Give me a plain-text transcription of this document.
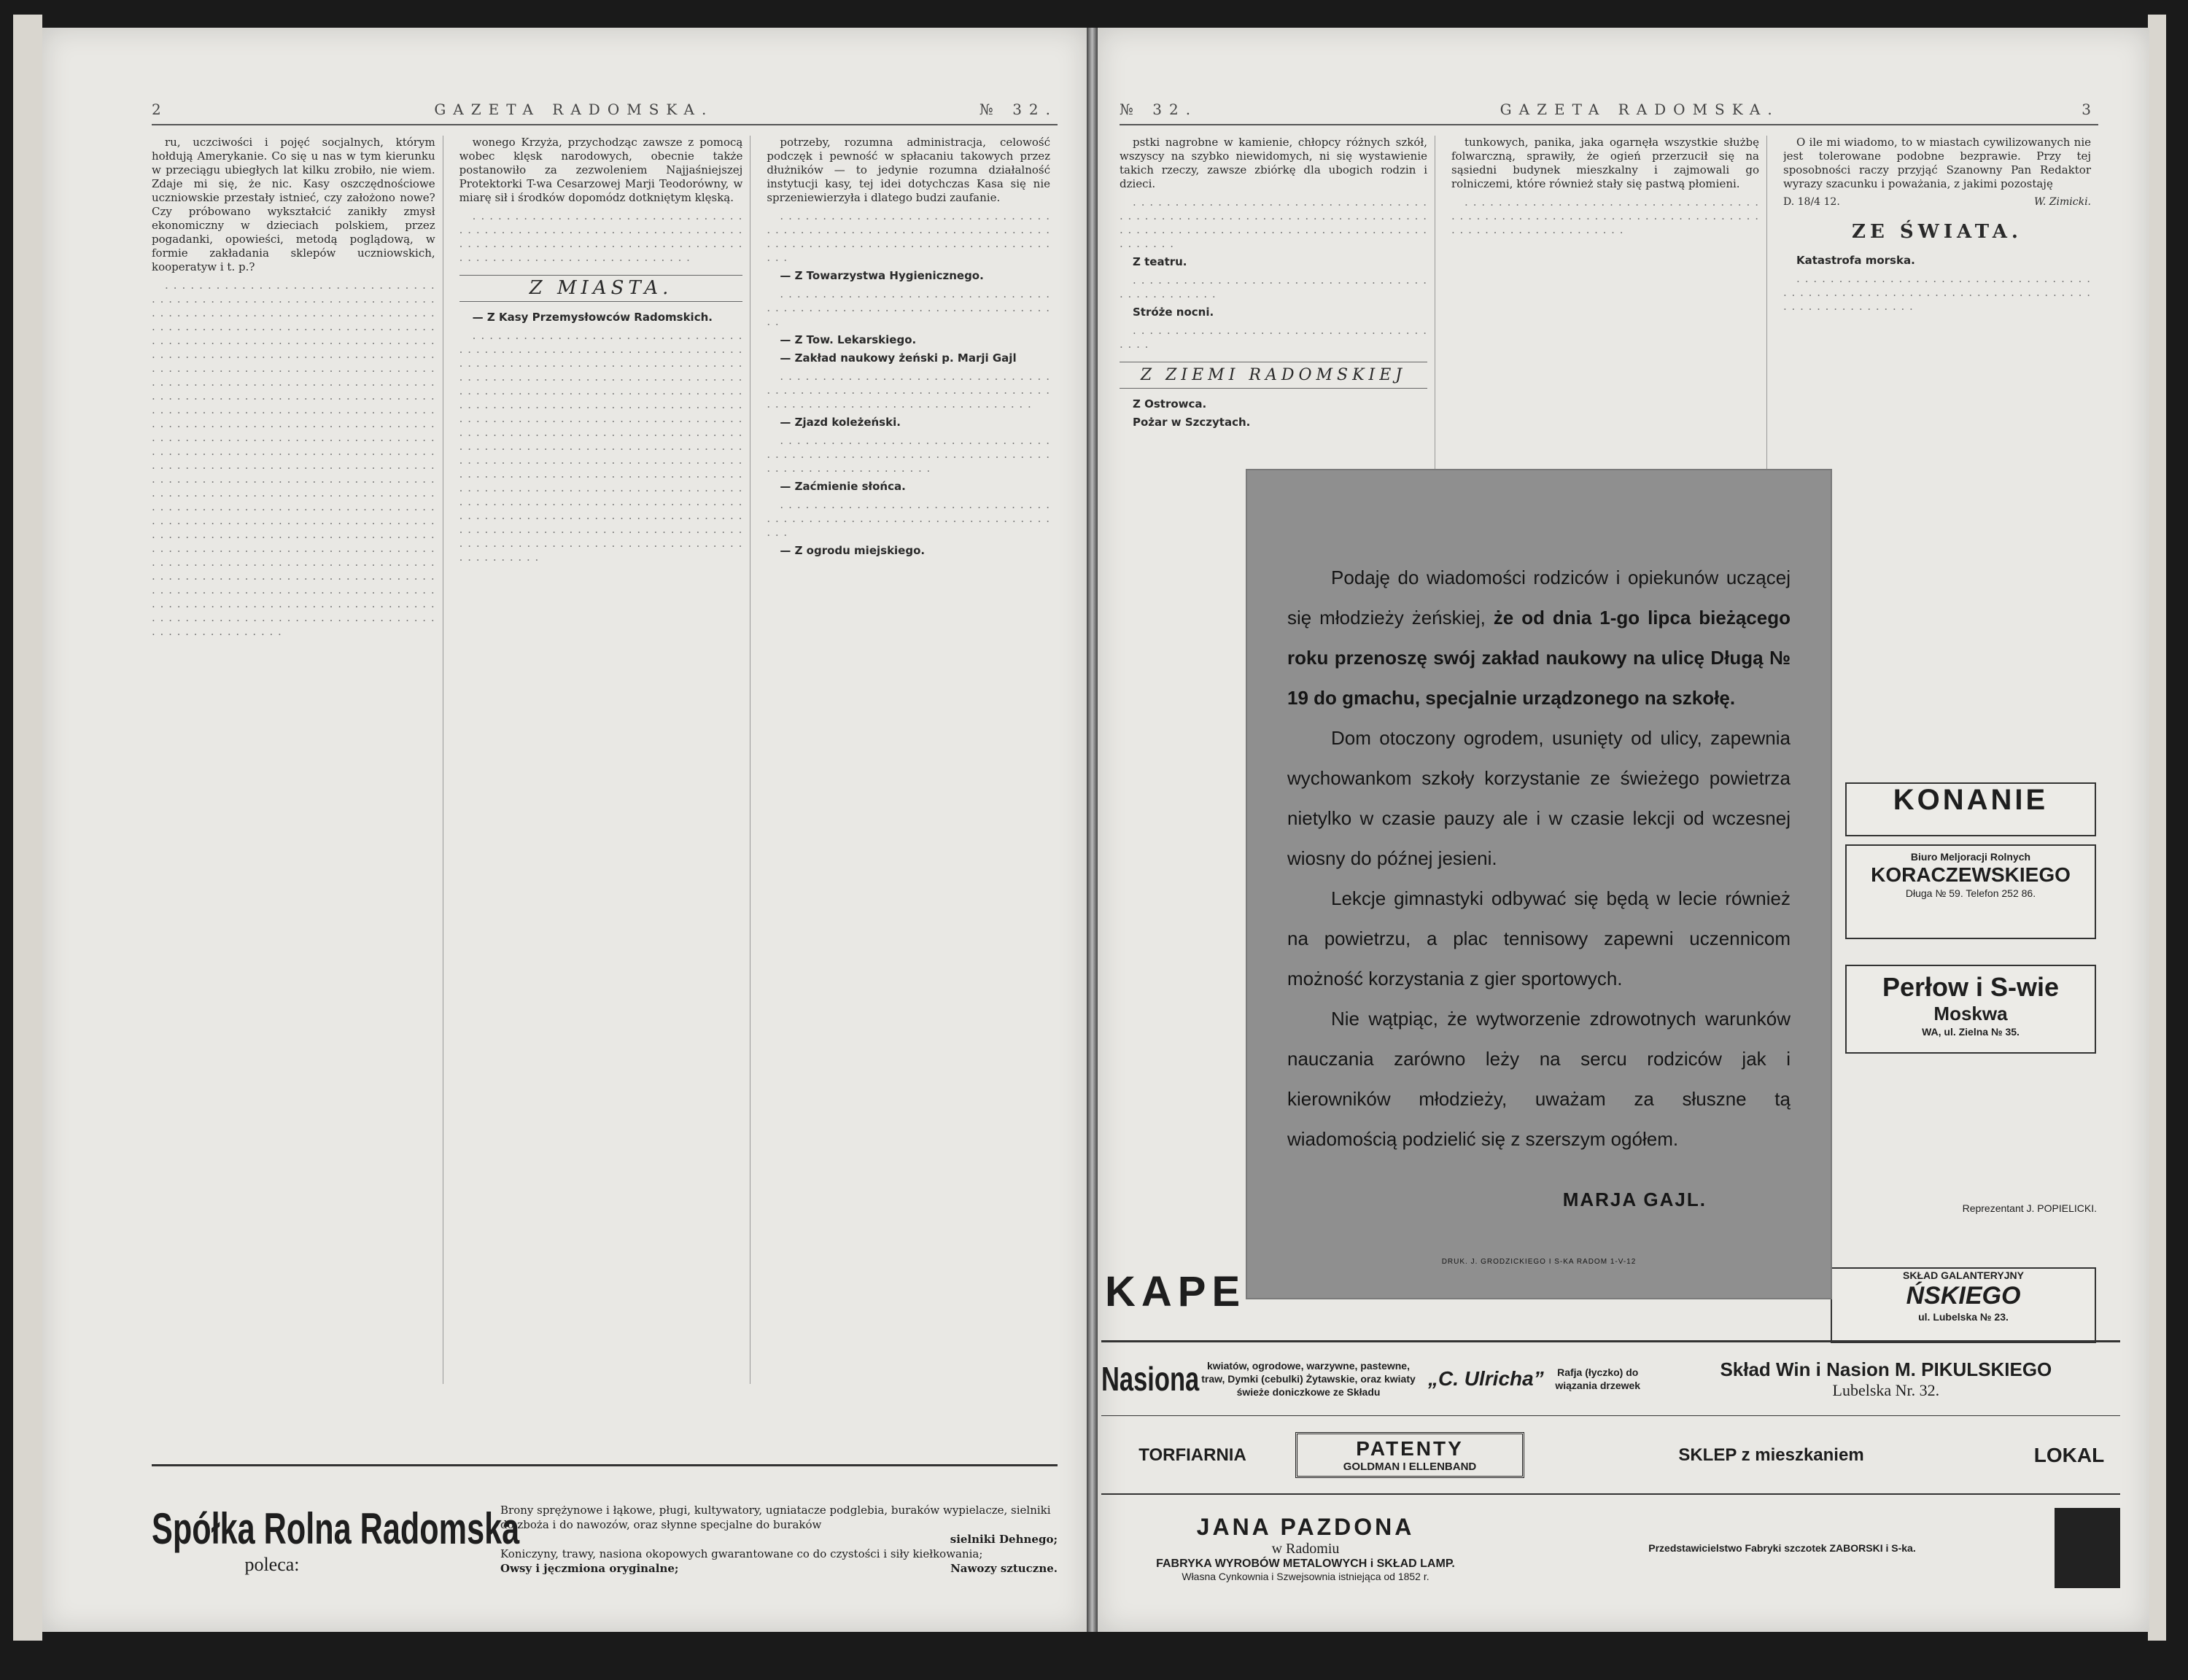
2	GAZETA RADOMSKA.	№ 32.

ru, uczciwości i pojęć socjalnych, którym hołdują Amerykanie. Co się u nas w tym kierunku w przeciągu ubiegłych lat kilku zrobiło, nie wiem. Zdaje mi się, że nic. Kasy oszczędnościowe uczniowskie przestały istnieć, czy założono nowe? Czy próbowano wykształcić zanikły zmysł ekonomiczny w dzieciach polskiem, przez pogadanki, opowieści, metodą poglądową, w formie zakładania sklepów uczniowskich, kooperatyw i t. p.?

. . . . . . . . . . . . . . . . . . . . . . . . . . . . . . . . . . . . . . . . . . . . . . . . . . . . . . . . . . . . . . . . . . . . . . . . . . . . . . . . . . . . . . . . . . . . . . . . . . . . . . . . . . . . . . . . . . . . . . . . . . . . . . . . . . . . . . . . . . . . . . . . . . . . . . . . . . . . . . . . . . . . . . . . . . . . . . . . . . . . . . . . . . . . . . . . . . . . . . . . . . . . . . . . . . . . . . . . . . . . . . . . . . . . . . . . . . . . . . . . . . . . . . . . . . . . . . . . . . . . . . . . . . . . . . . . . . . . . . . . . . . . . . . . . . . . . . . . . . . . . . . . . . . . . . . . . . . . . . . . . . . . . . . . . . . . . . . . . . . . . . . . . . . . . . . . . . . . . . . . . . . . . . . . . . . . . . . . . . . . . . . . . . . . . . . . . . . . . . . . . . . . . . . . . . . . . . . . . . . . . . . . . . . . . . . . . . . . . . . . . . . . . . . . . . . . . . . . . . . . . . . . . . . . . . . . . . . . . . . . . . . . . . . . . . . . . . . . . . . . . . . . . . . . . . . . . . . . . . . . . . . . . . . . . . . . . . . . . . . . . . . . . . . . . . . . . . . . . . . . . . . . . . . . . . . . . . . . . . . . . . . . . . . . . . . . . . . . . . . . . . . . . . . . . . . . . . . . . . . . . . . . . . . . . . . . . . . . . . . . . . . . . . . . . . . . . . . . . . . . . . . . . . . . . . . . . . . . . . . . . . . . . . . . . . . . . . . . . . . . . . . . . . . . . . . . . . . . . . . . . . . . . . . . . . . . . . . . . . . . . . . . . . . . . . . . . . . . . . . . . . . . . . . . . . . . . . . . . . . . . . . . . . . . . . . . . . . . . . . . . . . . . . . . . . . . . . . . . . . . . . . . . . . . . . . . . . . . . . . . . . . . . . . . . . . . . . . . . . . . . . . .

wonego Krzyża, przychodząc zawsze z pomocą wobec klęsk narodowych, obecnie także postanowiło za zezwoleniem Najjaśniejszej Protektorki T-wa Cesarzowej Marji Teodorówny, w miarę sił i środków dopomódz dotkniętym klęską.

. . . . . . . . . . . . . . . . . . . . . . . . . . . . . . . . . . . . . . . . . . . . . . . . . . . . . . . . . . . . . . . . . . . . . . . . . . . . . . . . . . . . . . . . . . . . . . . . . . . . . . . . . . . . . . . . . . . . . . . . . . . . . . . .

Z MIASTA.

— Z Kasy Przemysłowców Radomskich.

. . . . . . . . . . . . . . . . . . . . . . . . . . . . . . . . . . . . . . . . . . . . . . . . . . . . . . . . . . . . . . . . . . . . . . . . . . . . . . . . . . . . . . . . . . . . . . . . . . . . . . . . . . . . . . . . . . . . . . . . . . . . . . . . . . . . . . . . . . . . . . . . . . . . . . . . . . . . . . . . . . . . . . . . . . . . . . . . . . . . . . . . . . . . . . . . . . . . . . . . . . . . . . . . . . . . . . . . . . . . . . . . . . . . . . . . . . . . . . . . . . . . . . . . . . . . . . . . . . . . . . . . . . . . . . . . . . . . . . . . . . . . . . . . . . . . . . . . . . . . . . . . . . . . . . . . . . . . . . . . . . . . . . . . . . . . . . . . . . . . . . . . . . . . . . . . . . . . . . . . . . . . . . . . . . . . . . . . . . . . . . . . . . . . . . . . . . . . . . . . . . . . . . . . . . . . . . . . . . . . . . . . . . . . . . . . . . . . . . . . . . . . . . . . . . . . . . . . . . . . . . . . . . . . . . . . . . . . . . . . . . . . . . . . . . . . . . . . . . . . . . . . . . . . . . . . . . . . . . . . . . . . . . . . . . . . . . . . . . . . . . . . . . . . . . . .

potrzeby, rozumna administracja, celowość podczęk i pewność w spłacaniu takowych przez dłużników — to jedynie rozumna działalność instytucji kasy, tej idei dotychczas Kasa się nie sprzeniewierzyła i dlatego budzi zaufanie.

. . . . . . . . . . . . . . . . . . . . . . . . . . . . . . . . . . . . . . . . . . . . . . . . . . . . . . . . . . . . . . . . . . . . . . . . . . . . . . . . . . . . . . . . . . . . . . . . . . . . . . .

— Z Towarzystwa Hygienicznego.

. . . . . . . . . . . . . . . . . . . . . . . . . . . . . . . . . . . . . . . . . . . . . . . . . . . . . . . . . . . . . . . . . . . .

— Z Tow. Lekarskiego.

— Zakład naukowy żeński p. Marji Gajl

. . . . . . . . . . . . . . . . . . . . . . . . . . . . . . . . . . . . . . . . . . . . . . . . . . . . . . . . . . . . . . . . . . . . . . . . . . . . . . . . . . . . . . . . . . . . . . . . . .

— Zjazd koleżeński.

. . . . . . . . . . . . . . . . . . . . . . . . . . . . . . . . . . . . . . . . . . . . . . . . . . . . . . . . . . . . . . . . . . . . . . . . . . . . . . . . . . . . . .

— Zaćmienie słońca.

. . . . . . . . . . . . . . . . . . . . . . . . . . . . . . . . . . . . . . . . . . . . . . . . . . . . . . . . . . . . . . . . . . . . .

— Z ogrodu miejskiego.

Spółka Rolna Radomska
poleca:
Brony sprężynowe i łąkowe, pługi, kultywatory, ugniatacze podglebia, buraków wypielacze, sielniki do zboża i do nawozów, oraz słynne specjalne do buraków
sielniki Dehnego;
Koniczyny, trawy, nasiona okopowych gwarantowane co do czystości i siły kiełkowania;
Owsy i jęczmiona oryginalne;	Nawozy sztuczne.
№ 32.	GAZETA RADOMSKA.	3

pstki nagrobne w kamienie, chłopcy różnych szkół, wszyscy na szybko niewidomych, ni się wystawienie takich rzeczy, zawsze zbiórkę dla ubogich rodzin i dzieci.

. . . . . . . . . . . . . . . . . . . . . . . . . . . . . . . . . . . . . . . . . . . . . . . . . . . . . . . . . . . . . . . . . . . . . . . . . . . . . . . . . . . . . . . . . . . . . . . . . . . . . . . . . . . . . . . . . . . .

Z teatru.

. . . . . . . . . . . . . . . . . . . . . . . . . . . . . . . . . . . . . . . . . . . . . . .

Stróże nocni.

. . . . . . . . . . . . . . . . . . . . . . . . . . . . . . . . . . . . . . .

Z ZIEMI RADOMSKIEJ

Z Ostrowca.

Pożar w Szczytach.

tunkowych, panika, jaka ogarnęła wszystkie służbę folwarczną, sprawiły, że ogień przerzucił się na sąsiedni budynek mieszkalny i zajmowali go rolniczemi, które również stały się pastwą płomieni.

. . . . . . . . . . . . . . . . . . . . . . . . . . . . . . . . . . . . . . . . . . . . . . . . . . . . . . . . . . . . . . . . . . . . . . . . . . . . . . . . . . . . . . . . . . . . .

O ile mi wiadomo, to w miastach cywilizowanych nie jest tolerowane podobne bezprawie. Przy tej sposobności raczy przyjąć Szanowny Pan Redaktor wyrazy szacunku i poważania, z jakimi pozostaję

D. 18/4 12.	W. Zimicki.
ZE ŚWIATA.

Katastrofa morska.

. . . . . . . . . . . . . . . . . . . . . . . . . . . . . . . . . . . . . . . . . . . . . . . . . . . . . . . . . . . . . . . . . . . . . . . . . . . . . . . . . . . . . . . .

KONANIE
Biuro Meljoracji Rolnych
KORACZEWSKIEGO
Długa № 59. Telefon 252 86.
Perłow i S-wie Moskwa
WA, ul. Zielna № 35.
Reprezentant J. POPIELICKI.
SKŁAD GALANTERYJNY
ŃSKIEGO
ul. Lubelska № 23.
KAPE
Nasiona kwiatów, ogrodowe, warzywne, pastewne, traw, Dymki (cebulki) Żytawskie, oraz kwiaty świeże doniczkowe ze Składu
„C. Ulricha”	Rafja (łyczko) do wiązania drzewek
Skład Win i Nasion M. PIKULSKIEGO
Lubelska Nr. 32.
TORFIARNIA	PATENTY
GOLDMAN I ELLENBAND
SKLEP z mieszkaniem	LOKAL
JANA PAZDONA
w Radomiu
FABRYKA WYROBÓW METALOWYCH i SKŁAD LAMP.
Własna Cynkownia i Szwejsownia istniejąca od 1852 r.
Przedstawicielstwo Fabryki szczotek ZABORSKI i S-ka.

Podaję do wiadomości rodziców i opiekunów uczącej się młodzieży żeńskiej, że od dnia 1-go lipca bieżącego roku przenoszę swój zakład naukowy na ulicę Długą № 19 do gmachu, specjalnie urządzonego na szkołę.

Dom otoczony ogrodem, usunięty od ulicy, zapewnia wychowankom szkoły korzystanie ze świeżego powietrza nietylko w czasie pauzy ale i w czasie lekcji od wczesnej wiosny do późnej jesieni.

Lekcje gimnastyki odbywać się będą w lecie również na powietrzu, a plac tennisowy zapewni uczennicom możność korzystania z gier sportowych.

Nie wątpiąc, że wytworzenie zdrowotnych warunków nauczania zarówno leży na sercu rodziców jak i kierowników młodzieży, uważam za słuszne tą wiadomością podzielić się z szerszym ogółem.

MARJA GAJL.
DRUK. J. GRODZICKIEGO I S-KA RADOM 1-V-12
